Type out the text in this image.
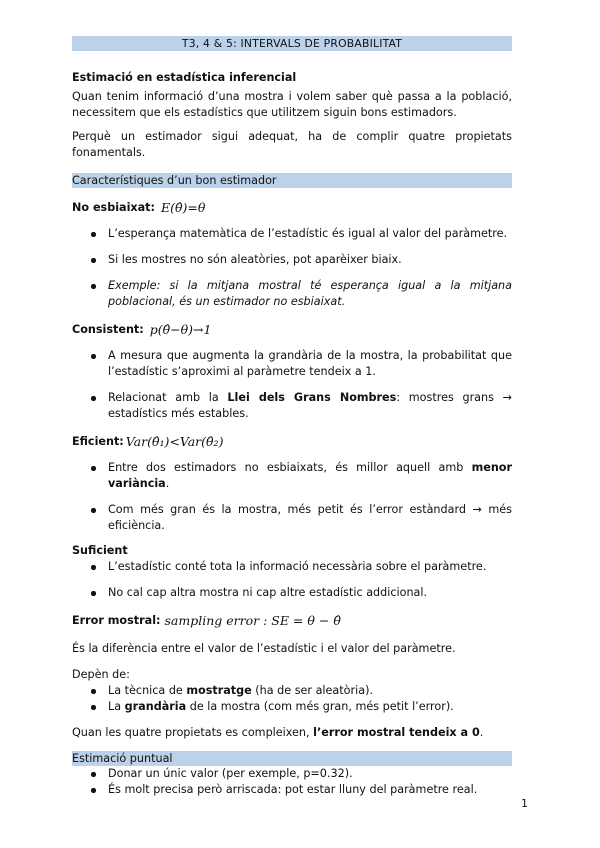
T3, 4 & 5: INTERVALS DE PROBABILITAT
Estimació en estadística inferencial

Quan tenim informació d’una mostra i volem saber què passa a la població, necessitem que els estadístics que utilitzem siguin bons estimadors.

Perquè un estimador sigui adequat, ha de complir quatre propietats fonamentals.

Característiques d’un bon estimador
No esbiaixat: E(θ̂)=θ
L’esperança matemàtica de l’estadístic és igual al valor del paràmetre.
Si les mostres no són aleatòries, pot aparèixer biaix.
Exemple: si la mitjana mostral té esperança igual a la mitjana poblacional, és un estimador no esbiaixat.
Consistent: p(θ̂−θ)→1
A mesura que augmenta la grandària de la mostra, la probabilitat que l’estadístic s’aproximi al paràmetre tendeix a 1.
Relacionat amb la Llei dels Grans Nombres: mostres grans → estadístics més estables.
Eficient: Var(θ̂₁)<Var(θ̂₂)
Entre dos estimadors no esbiaixats, és millor aquell amb menor variància.
Com més gran és la mostra, més petit és l’error estàndard → més eficiència.
Suficient
L’estadístic conté tota la informació necessària sobre el paràmetre.
No cal cap altra mostra ni cap altre estadístic addicional.
Error mostral: sampling error : SE = θ − θ̂

És la diferència entre el valor de l’estadístic i el valor del paràmetre.

Depèn de:

La tècnica de mostratge (ha de ser aleatòria).
La grandària de la mostra (com més gran, més petit l’error).

Quan les quatre propietats es compleixen, l’error mostral tendeix a 0.

Estimació puntual
Donar un únic valor (per exemple, p=0.32).
És molt precisa però arriscada: pot estar lluny del paràmetre real.
1
